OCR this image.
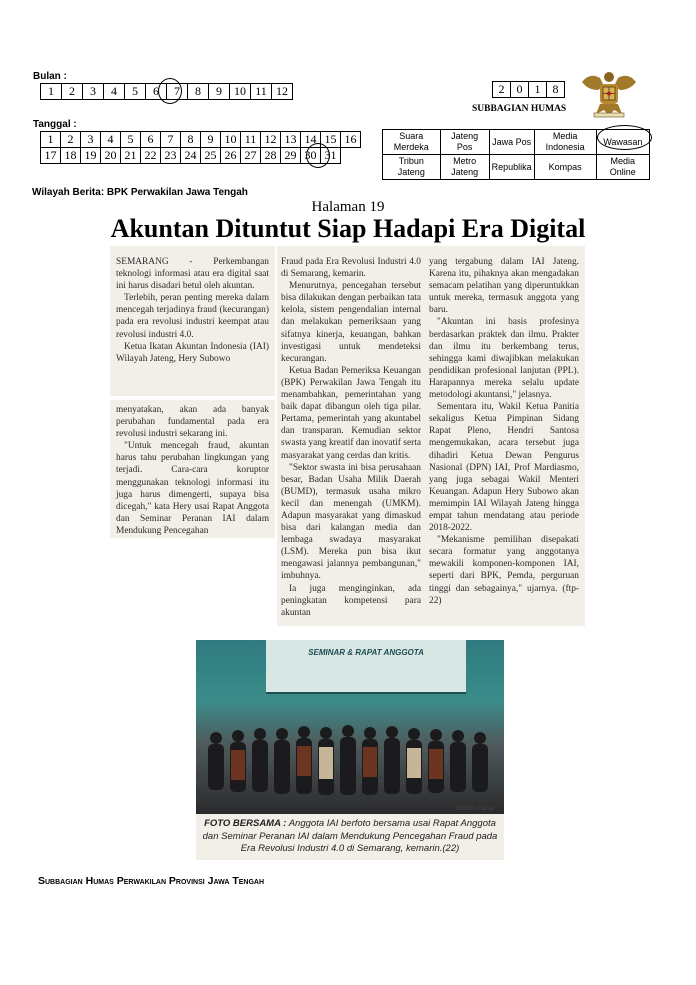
Bulan :
1	2	3	4	5	6	7	8	9	10	11	12
Tanggal :
1	2	3	4	5	6	7	8	9	10	11	12	13	14	15	16
17	18	19	20	21	22	23	24	25	26	27	28	29	30	31	
Wilayah Berita: BPK Perwakilan Jawa Tengah
2	0	1	8
SUBBAGIAN HUMAS
Suara Merdeka	Jateng Pos	Jawa Pos	Media Indonesia	Wawasan
Tribun Jateng	Metro Jateng	Republika	Kompas	Media Online
Halaman 19
Akuntan Dituntut Siap Hadapi Era Digital

SEMARANG - Perkembangan teknologi informasi atau era digital saat ini harus disadari betul oleh akuntan.

Terlebih, peran penting mereka dalam mencegah terjadinya fraud (kecurangan) pada era revolusi industri keempat atau revolusi industri 4.0.

Ketua Ikatan Akuntan Indonesia (IAI) Wilayah Jateng, Hery Subowo

menyatakan, akan ada banyak perubahan fundamental pada era revolusi industri sekarang ini.

"Untuk mencegah fraud, akuntan harus tahu perubahan lingkungan yang terjadi. Cara-cara koruptor menggunakan teknologi informasi itu juga harus dimengerti, supaya bisa dicegah," kata Hery usai Rapat Anggota dan Seminar Peranan IAI dalam Mendukung Pencegahan

Fraud pada Era Revolusi Industri 4.0 di Semarang, kemarin.

Menurutnya, pencegahan tersebut bisa dilakukan dengan perbaikan tata kelola, sistem pengendalian internal dan melakukan pemeriksaan yang sifatnya kinerja, keuangan, bahkan investigasi untuk mendeteksi kecurangan.

Ketua Badan Pemeriksa Keuangan (BPK) Perwakilan Jawa Tengah itu menambahkan, pemerintahan yang baik dapat dibangun oleh tiga pilar. Pertama, pemerintah yang akuntabel dan transparan. Kemudian sektor swasta yang kreatif dan inovatif serta masyarakat yang cerdas dan kritis.

"Sektor swasta ini bisa perusahaan besar, Badan Usaha Milik Daerah (BUMD), termasuk usaha mikro kecil dan menengah (UMKM). Adapun masyarakat yang dimaskud bisa dari kalangan media dan lembaga swadaya masyarakat (LSM). Mereka pun bisa ikut mengawasi jalannya pembangunan," imbuhnya.

Ia juga menginginkan, ada peningkatan kompetensi para akuntan

yang tergabung dalam IAI Jateng. Karena itu, pihaknya akan mengadakan semacam pelatihan yang diperuntukkan untuk mereka, termasuk anggota yang baru.

"Akuntan ini basis profesinya berdasarkan praktek dan ilmu. Prakter dan ilmu itu berkembang terus, sehingga kami diwajibkan melakukan pendidikan profesional lanjutan (PPL). Harapannya mereka selalu update metodologi akuntansi," jelasnya.

Sementara itu, Wakil Ketua Panitia sekaligus Ketua Pimpinan Sidang Rapat Pleno, Hendri Santosa mengemukakan, acara tersebut juga dihadiri Ketua Dewan Pengurus Nasional (DPN) IAI, Prof Mardiasmo, yang juga sebagai Wakil Menteri Keuangan. Adapun Hery Subowo akan memimpin IAI Wilayah Jateng hingga empat tahun mendatang atau periode 2018-2022.

"Mekanisme pemilihan disepakati secara formatur yang anggotanya mewakili komponen-komponen IAI, seperti dari BPK, Pemda, perguruan tinggi dan sebagainya," ujarnya. (ftp-22)

SEMINAR & RAPAT ANGGOTA
SM/Eko Fatoip
FOTO BERSAMA : Anggota IAI berfoto bersama usai Rapat Anggota dan Seminar Peranan IAI dalam Mendukung Pencegahan Fraud pada Era Revolusi Industri 4.0 di Semarang, kemarin.(22)
Subbagian Humas Perwakilan Provinsi Jawa Tengah
